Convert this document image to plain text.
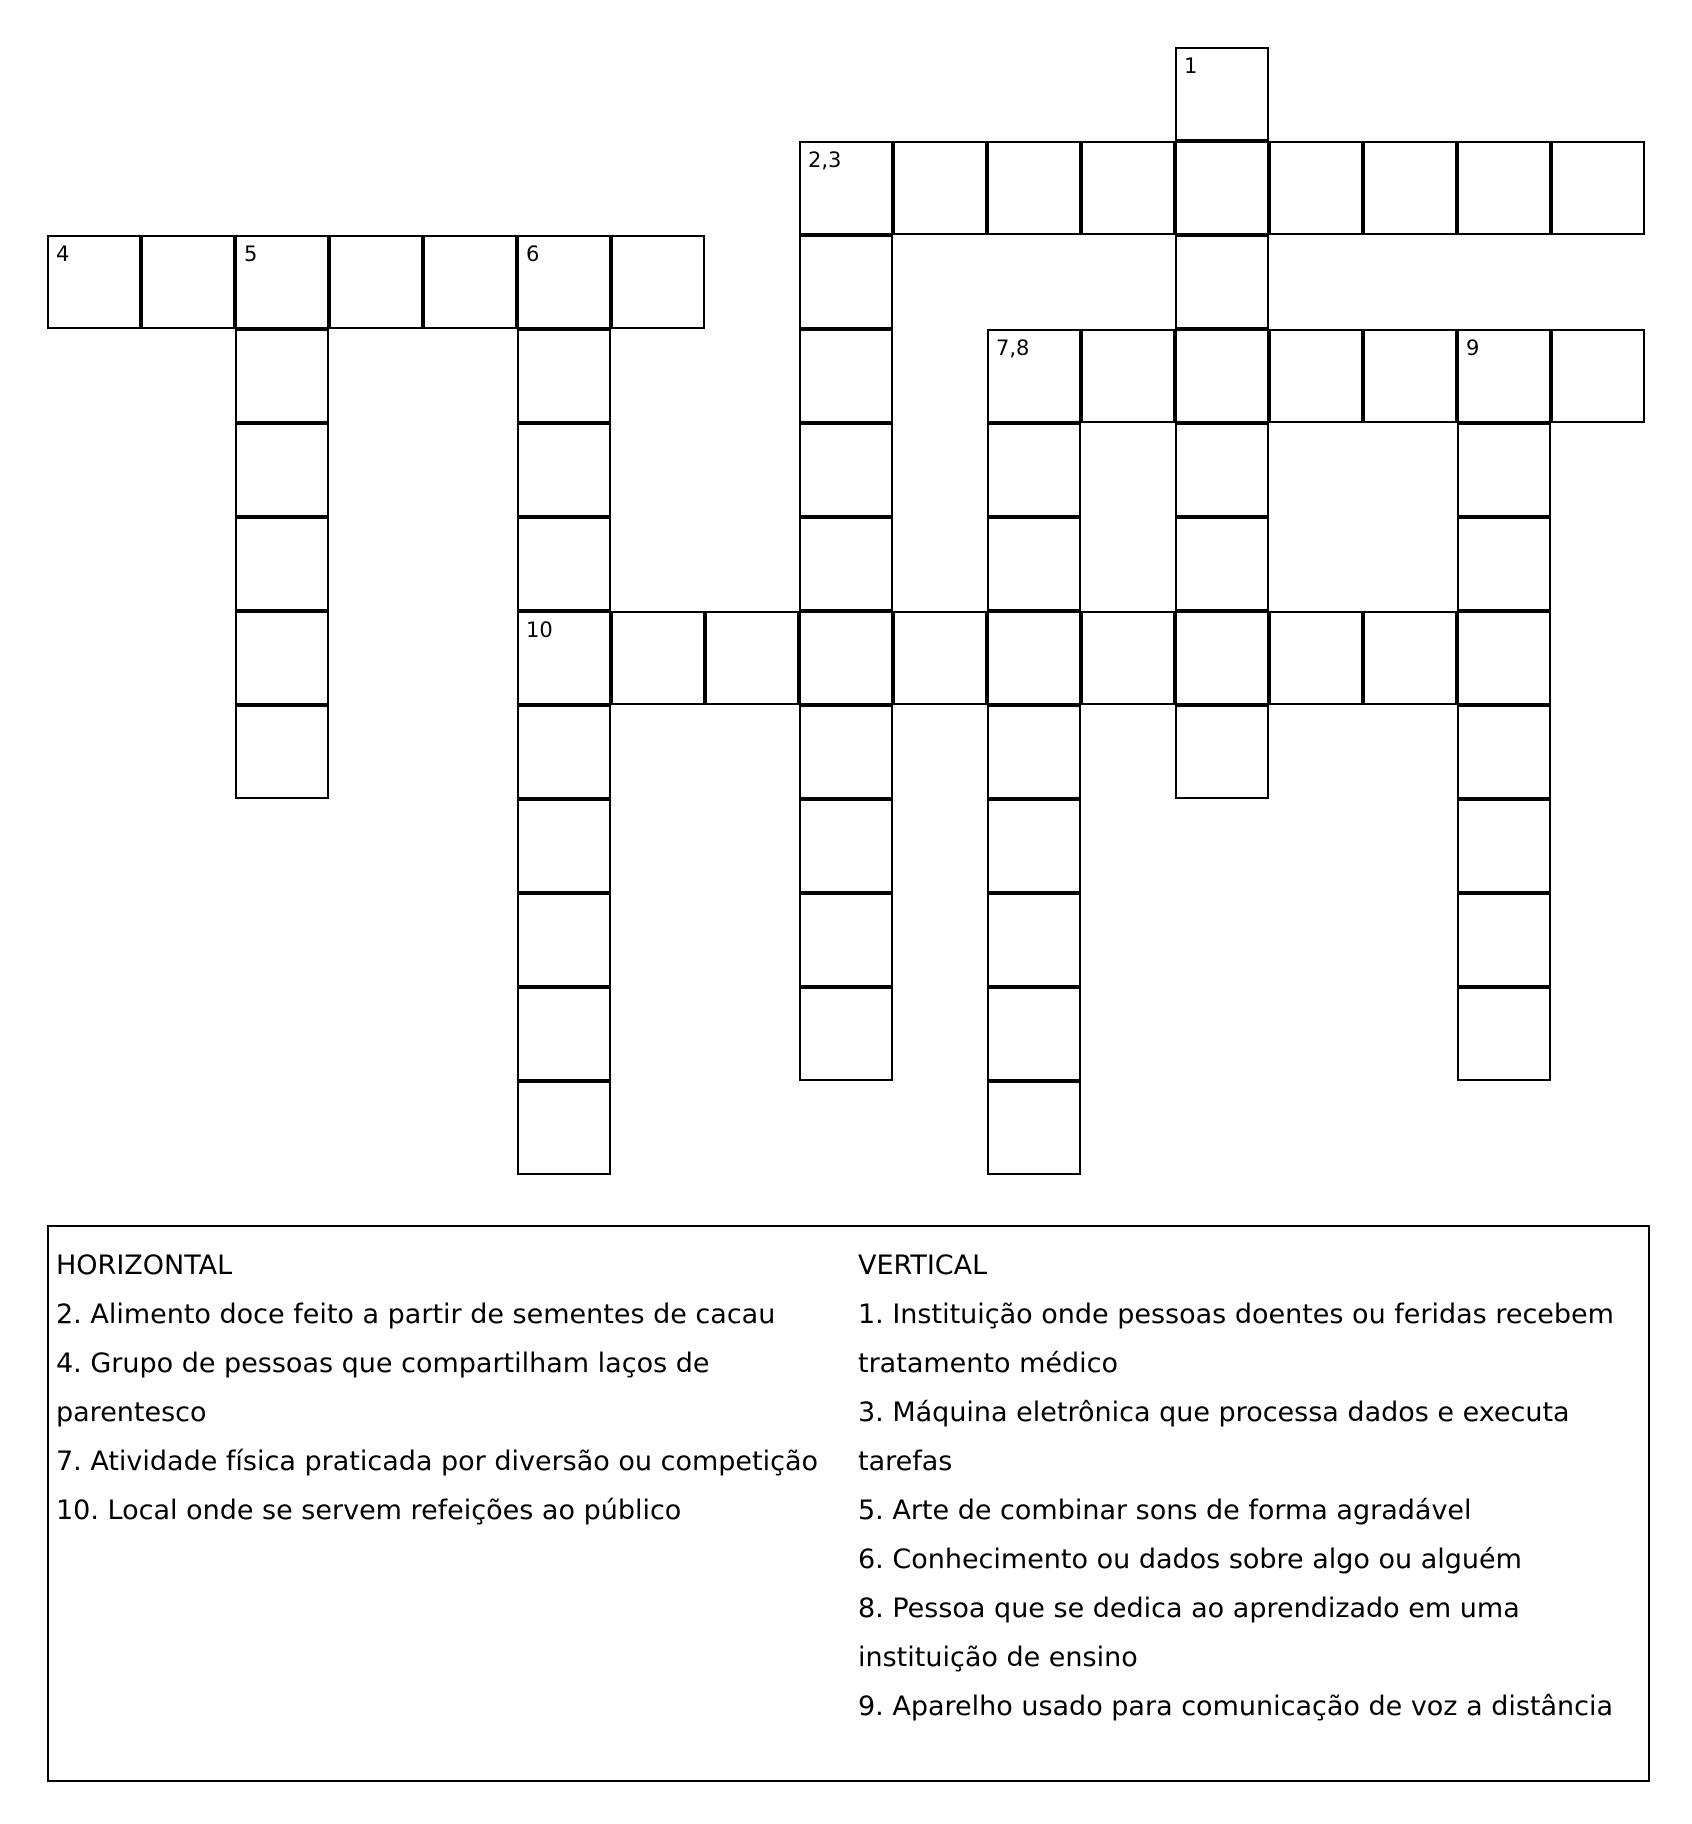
1
2,3
4	5	6
7,8	9
10
HORIZONTAL
2. Alimento doce feito a partir de sementes de cacau
4. Grupo de pessoas que compartilham laços de parentesco
7. Atividade física praticada por diversão ou competição
10. Local onde se servem refeições ao público
VERTICAL
1. Instituição onde pessoas doentes ou feridas recebem tratamento médico
3. Máquina eletrônica que processa dados e executa tarefas
5. Arte de combinar sons de forma agradável
6. Conhecimento ou dados sobre algo ou alguém
8. Pessoa que se dedica ao aprendizado em uma instituição de ensino
9. Aparelho usado para comunicação de voz a distância
